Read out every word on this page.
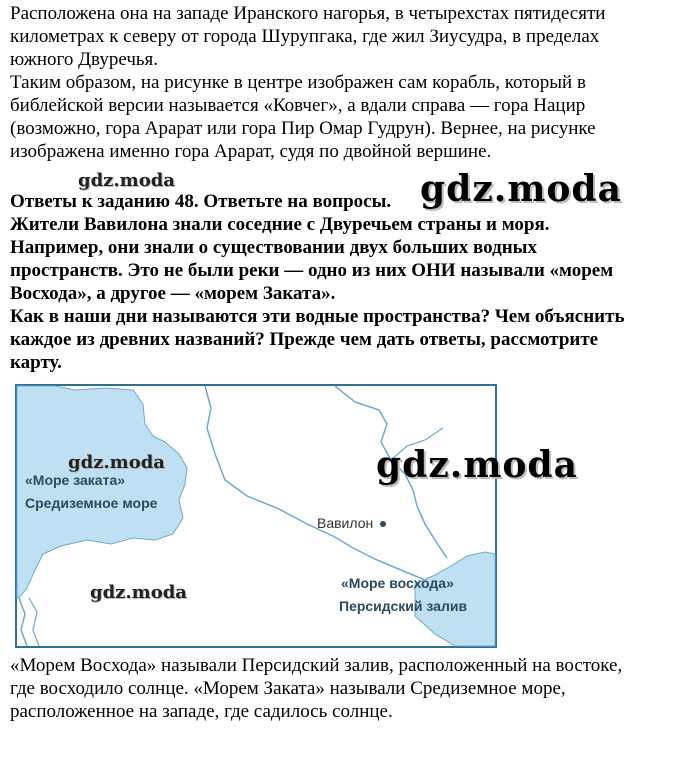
Расположена она на западе Иранского нагорья, в четырехстах пятидесяти
километрах к северу от города Шурупгака, где жил Зиусудра, в пределах
южного Двуречья.
Таким образом, на рисунке в центре изображен сам корабль, который в
библейской версии называется «Ковчег», а вдали справа — гора Нацир
(возможно, гора Арарат или гора Пир Омар Гудрун). Вернее, на рисунке
изображена именно гора Арарат, судя по двойной вершине.

Ответы к заданию 48. Ответьте на вопросы.
Жители Вавилона знали соседние с Двуречьем страны и моря.
Например, они знали о существовании двух больших водных
пространств. Это не были реки — одно из них ОНИ называли «морем
Восхода», а другое — «морем Заката».
Как в наши дни называются эти водные пространства? Чем объяснить
каждое из древних названий? Прежде чем дать ответы, рассмотрите
карту.

«Море заката»
Средиземное море
Вавилон
«Море восхода»
Персидский залив

«Морем Восхода» называли Персидский залив, расположенный на востоке,
где восходило солнце. «Морем Заката» называли Средиземное море,
расположенное на западе, где садилось солнце.

gdz.moda	gdz.moda
gdz.moda	gdz.moda
gdz.moda
